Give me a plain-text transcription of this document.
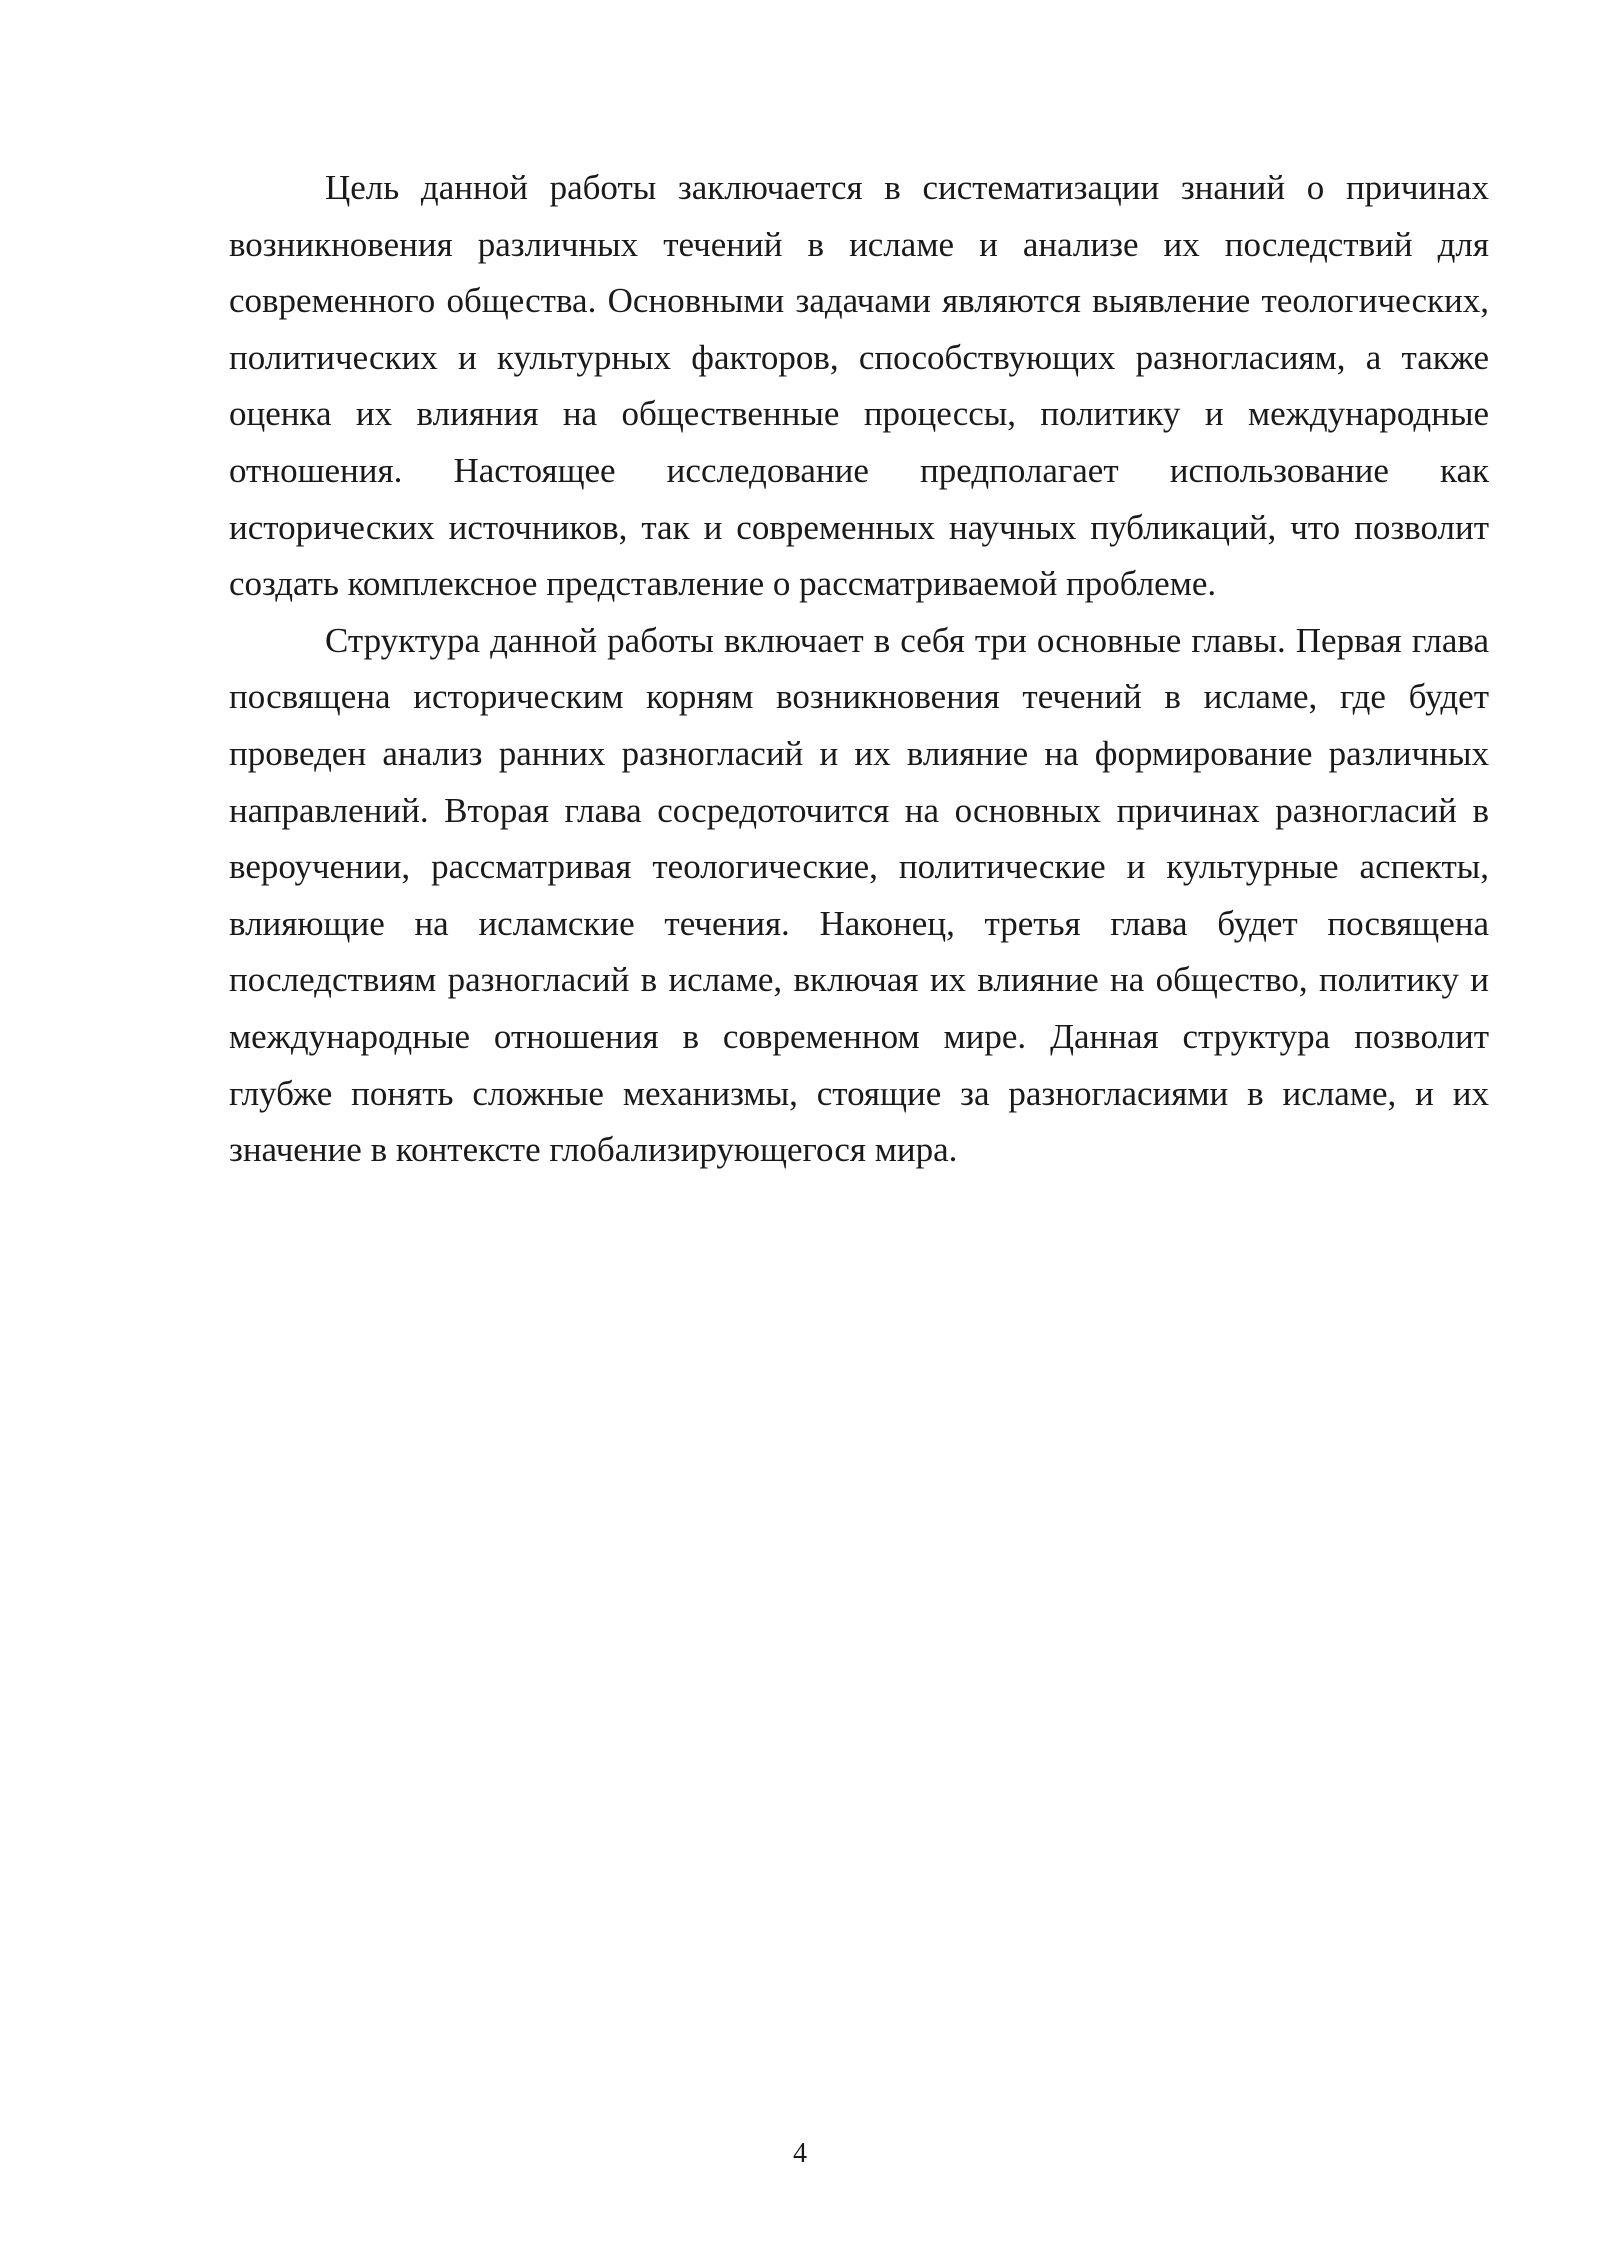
Цель данной работы заключается в систематизации знаний о причинах возникновения различных течений в исламе и анализе их последствий для современного общества. Основными задачами являются выявление теологических, политических и культурных факторов, способствующих разногласиям, а также оценка их влияния на общественные процессы, политику и международные отношения. Настоящее исследование предполагает использование как исторических источников, так и современных научных публикаций, что позволит создать комплексное представление о рассматриваемой проблеме.

Структура данной работы включает в себя три основные главы. Первая глава посвящена историческим корням возникновения течений в исламе, где будет проведен анализ ранних разногласий и их влияние на формирование различных направлений. Вторая глава сосредоточится на основных причинах разногласий в вероучении, рассматривая теологические, политические и культурные аспекты, влияющие на исламские течения. Наконец, третья глава будет посвящена последствиям разногласий в исламе, включая их влияние на общество, политику и международные отношения в современном мире. Данная структура позволит глубже понять сложные механизмы, стоящие за разногласиями в исламе, и их значение в контексте глобализирующегося мира.

4
